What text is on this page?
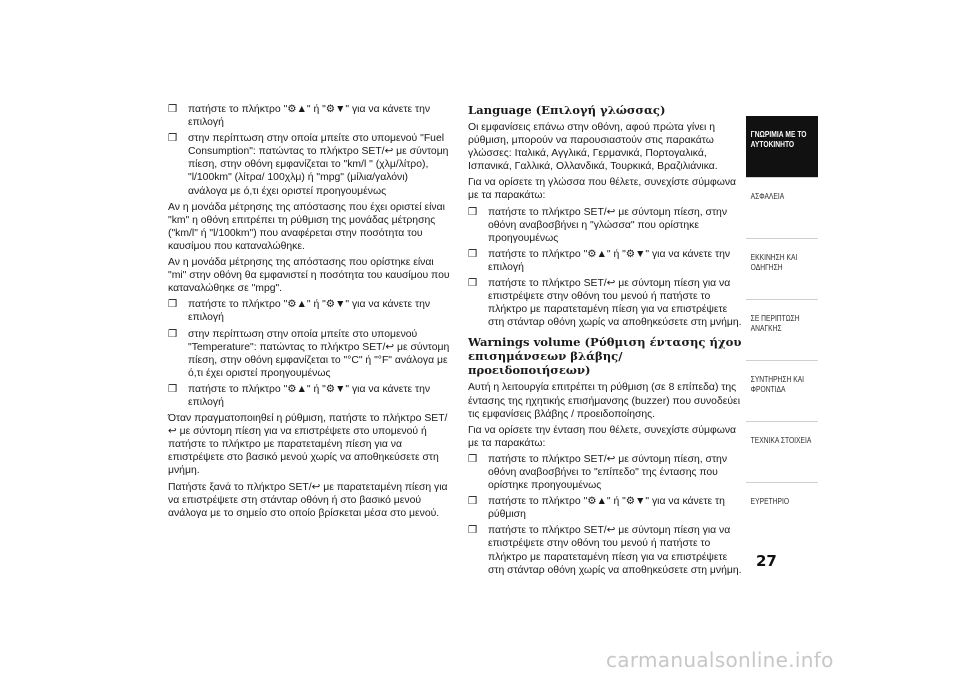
❒	πατήστε το πλήκτρο "⚙▲" ή "⚙▼" για να κάνετε την επιλογή
❒	στην περίπτωση στην οποία μπείτε στο υπομενού "Fuel Consumption": πατώντας το πλήκτρο SET/↩ με σύντομη πίεση, στην οθόνη εμφανίζεται το "km/l " (χλμ/λίτρο), "l/100km" (λίτρα/ 100χλμ) ή "mpg" (μίλια/γαλόνι) ανάλογα με ό,τι έχει οριστεί προηγουμένως

Αν η μονάδα μέτρησης της απόστασης που έχει οριστεί είναι "km" η οθόνη επιτρέπει τη ρύθμιση της μονάδας μέτρησης ("km/l" ή "l/100km") που αναφέρεται στην ποσότητα του καυσίμου που καταναλώθηκε.

Αν η μονάδα μέτρησης της απόστασης που ορίστηκε είναι "mi" στην οθόνη θα εμφανιστεί η ποσότητα του καυσίμου που καταναλώθηκε σε "mpg".

❒	πατήστε το πλήκτρο "⚙▲" ή "⚙▼" για να κάνετε την επιλογή
❒	στην περίπτωση στην οποία μπείτε στο υπομενού "Temperature": πατώντας το πλήκτρο SET/↩ με σύντομη πίεση, στην οθόνη εμφανίζεται το "°C" ή "°F" ανάλογα με ό,τι έχει οριστεί προηγουμένως
❒	πατήστε το πλήκτρο "⚙▲" ή "⚙▼" για να κάνετε την επιλογή

Όταν πραγματοποιηθεί η ρύθμιση, πατήστε το πλήκτρο SET/↩ με σύντομη πίεση για να επιστρέψετε στο υπομενού ή πατήστε το πλήκτρο με παρατεταμένη πίεση για να επιστρέψετε στο βασικό μενού χωρίς να αποθηκεύσετε στη μνήμη.

Πατήστε ξανά το πλήκτρο SET/↩ με παρατεταμένη πίεση για να επιστρέψετε στη στάνταρ οθόνη ή στο βασικό μενού ανάλογα με το σημείο στο οποίο βρίσκεται μέσα στο μενού.

Language (Επιλογή γλώσσας)

Οι εμφανίσεις επάνω στην οθόνη, αφού πρώτα γίνει η ρύθμιση, μπορούν να παρουσιαστούν στις παρακάτω γλώσσες: Ιταλικά, Αγγλικά, Γερμανικά, Πορτογαλικά, Ισπανικά, Γαλλικά, Ολλανδικά, Τουρκικά, Βραζιλιάνικα.

Για να ορίσετε τη γλώσσα που θέλετε, συνεχίστε σύμφωνα με τα παρακάτω:

❒	πατήστε το πλήκτρο SET/↩ με σύντομη πίεση, στην οθόνη αναβοσβήνει η "γλώσσα" που ορίστηκε προηγουμένως
❒	πατήστε το πλήκτρο "⚙▲" ή "⚙▼" για να κάνετε την επιλογή
❒	πατήστε το πλήκτρο SET/↩ με σύντομη πίεση για να επιστρέψετε στην οθόνη του μενού ή πατήστε το πλήκτρο με παρατεταμένη πίεση για να επιστρέψετε στη στάνταρ οθόνη χωρίς να αποθηκεύσετε στη μνήμη.
Warnings volume (Ρύθμιση έντασης ήχου επισημάνσεων βλάβης/προειδοποιήσεων)

Αυτή η λειτουργία επιτρέπει τη ρύθμιση (σε 8 επίπεδα) της έντασης της ηχητικής επισήμανσης (buzzer) που συνοδεύει τις εμφανίσεις βλάβης / προειδοποίησης.

Για να ορίσετε την ένταση που θέλετε, συνεχίστε σύμφωνα με τα παρακάτω:

❒	πατήστε το πλήκτρο SET/↩ με σύντομη πίεση, στην οθόνη αναβοσβήνει το "επίπεδο" της έντασης που ορίστηκε προηγουμένως
❒	πατήστε το πλήκτρο "⚙▲" ή "⚙▼" για να κάνετε τη ρύθμιση
❒	πατήστε το πλήκτρο SET/↩ με σύντομη πίεση για να επιστρέψετε στην οθόνη του μενού ή πατήστε το πλήκτρο με παρατεταμένη πίεση για να επιστρέψετε στη στάνταρ οθόνη χωρίς να αποθηκεύσετε στη μνήμη.
ΓΝΩΡΙΜΙΑ ΜΕ ΤΟ ΑΥΤΟΚΙΝΗΤΟ
ΑΣΦΑΛΕΙΑ
ΕΚΚΙΝΗΣΗ ΚΑΙ ΟΔΗΓΗΣΗ
ΣΕ ΠΕΡΙΠΤΩΣΗ ΑΝΑΓΚΗΣ
ΣΥΝΤΗΡΗΣΗ ΚΑΙ ΦΡΟΝΤΙΔΑ
ΤΕΧΝΙΚΑ ΣΤΟΙΧΕΙΑ
ΕΥΡΕΤΗΡΙΟ
27
carmanualsonline.info
